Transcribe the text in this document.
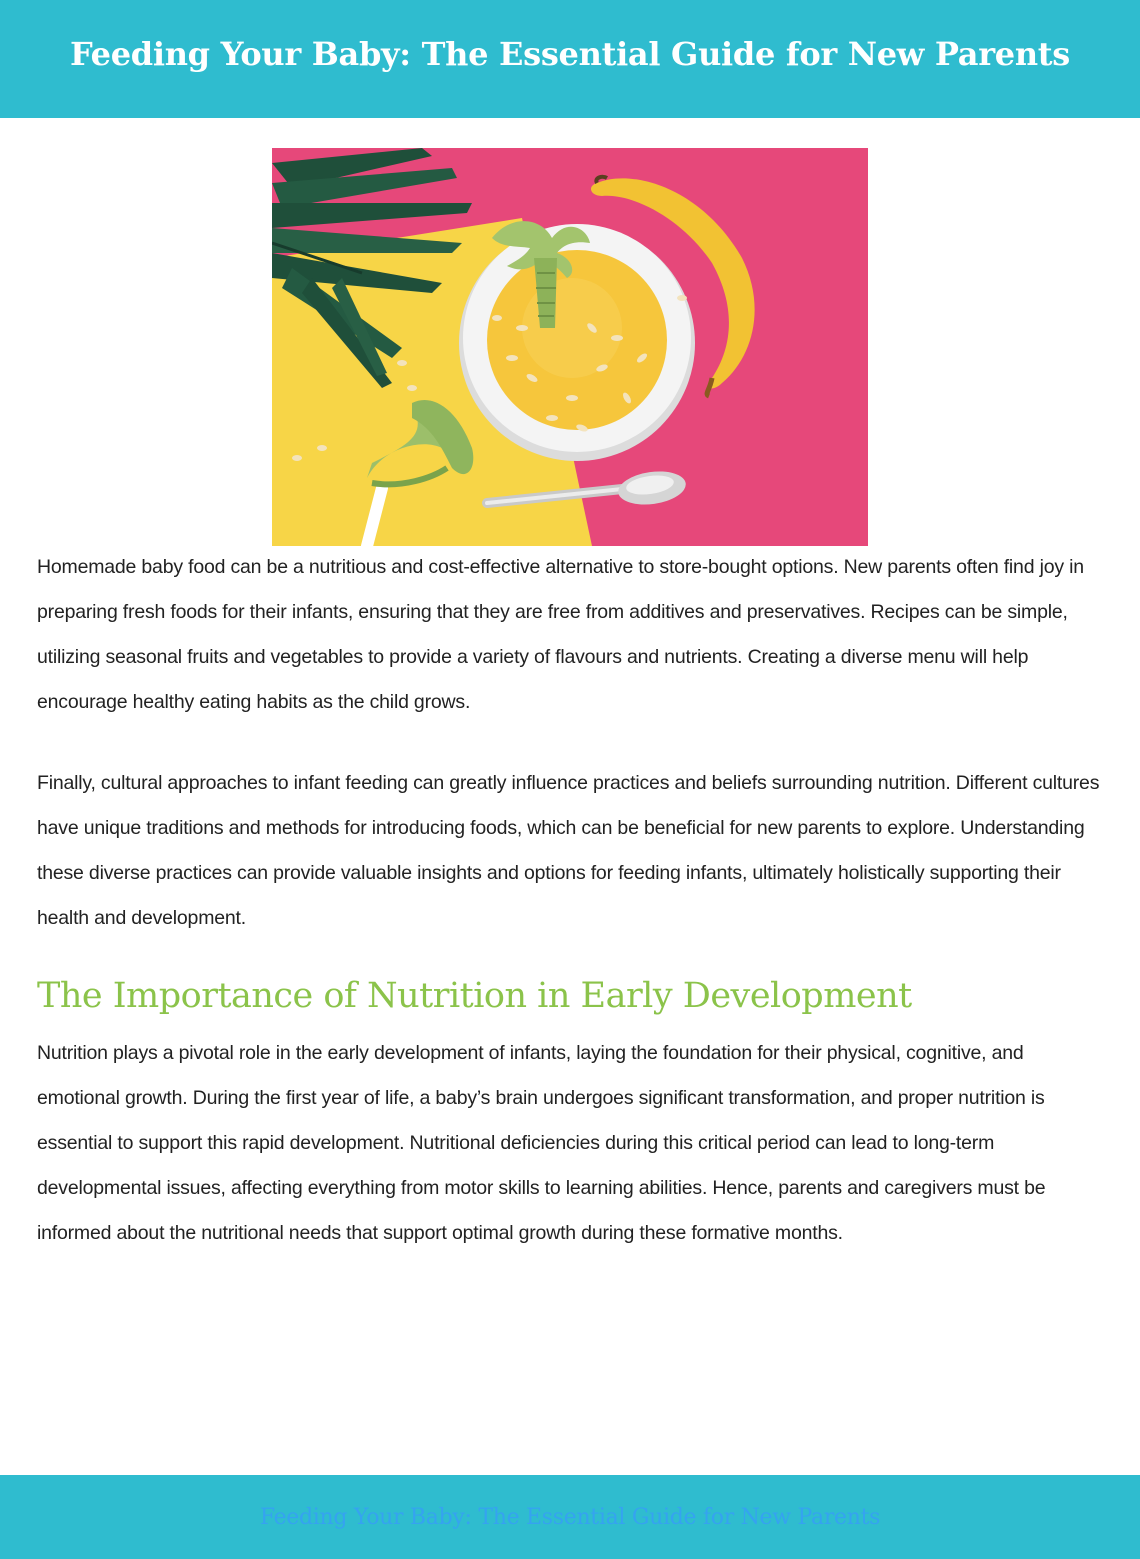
Feeding Your Baby: The Essential Guide for New Parents

Homemade baby food can be a nutritious and cost-effective alternative to store-bought options. New parents often find joy in preparing fresh foods for their infants, ensuring that they are free from additives and preservatives. Recipes can be simple, utilizing seasonal fruits and vegetables to provide a variety of flavours and nutrients. Creating a diverse menu will help encourage healthy eating habits as the child grows.

Finally, cultural approaches to infant feeding can greatly influence practices and beliefs surrounding nutrition. Different cultures have unique traditions and methods for introducing foods, which can be beneficial for new parents to explore. Understanding these diverse practices can provide valuable insights and options for feeding infants, ultimately holistically supporting their health and development.

The Importance of Nutrition in Early Development

Nutrition plays a pivotal role in the early development of infants, laying the foundation for their physical, cognitive, and emotional growth. During the first year of life, a baby’s brain undergoes significant transformation, and proper nutrition is essential to support this rapid development. Nutritional deficiencies during this critical period can lead to long-term developmental issues, affecting everything from motor skills to learning abilities. Hence, parents and caregivers must be informed about the nutritional needs that support optimal growth during these formative months.

Feeding Your Baby: The Essential Guide for New Parents
